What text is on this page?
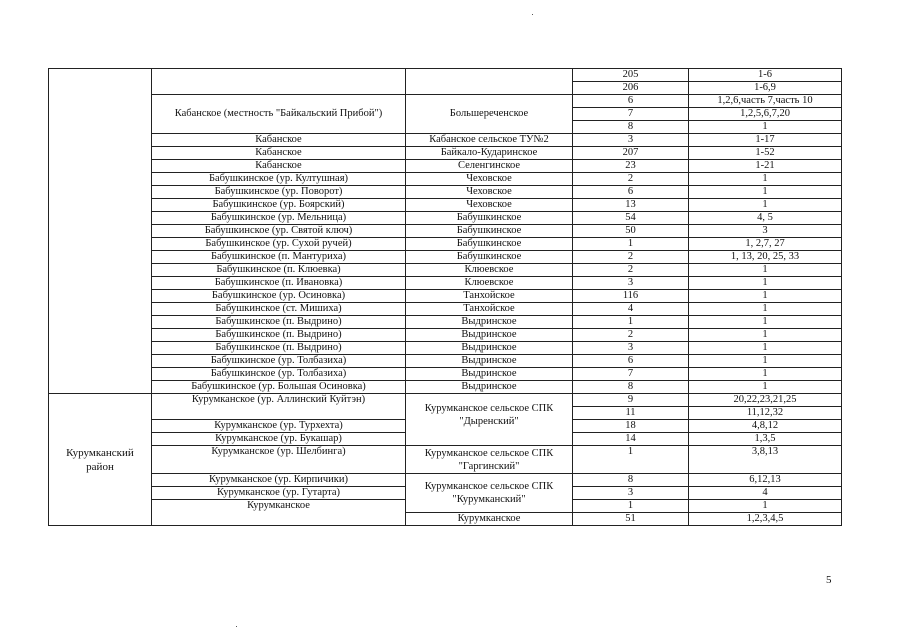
			205	1-6
			206	1-6,9
	Кабанское (местность "Байкальский Прибой")	Большереченское	6	1,2,6,часть 7,часть 10
			7	1,2,5,6,7,20
			8	1
	Кабанское	Кабанское сельское ТУ№2	3	1-17
	Кабанское	Байкало-Кударинское	207	1-52
	Кабанское	Селенгинское	23	1-21
	Бабушкинское (ур. Култушная)	Чеховское	2	1
	Бабушкинское (ур. Поворот)	Чеховское	6	1
	Бабушкинское (ур. Боярский)	Чеховское	13	1
	Бабушкинское (ур. Мельница)	Бабушкинское	54	4, 5
	Бабушкинское (ур. Святой ключ)	Бабушкинское	50	3
	Бабушкинское (ур. Сухой ручей)	Бабушкинское	1	1, 2,7, 27
	Бабушкинское (п. Мантуриха)	Бабушкинское	2	1, 13, 20, 25, 33
	Бабушкинское (п. Клюевка)	Клюевское	2	1
	Бабушкинское (п. Ивановка)	Клюевское	3	1
	Бабушкинское (ур. Осиновка)	Танхойское	116	1
	Бабушкинское (ст. Мишиха)	Танхойское	4	1
	Бабушкинское (п. Выдрино)	Выдринское	1	1
	Бабушкинское (п. Выдрино)	Выдринское	2	1
	Бабушкинское (п. Выдрино)	Выдринское	3	1
	Бабушкинское (ур. Толбазиха)	Выдринское	6	1
	Бабушкинское (ур. Толбазиха)	Выдринское	7	1
	Бабушкинское (ур. Большая Осиновка)	Выдринское	8	1
Курумканский район	Курумканское (ур. Аллинский Куйтэн)	Курумканское сельское СПК "Дыренский"	9	20,22,23,21,25
			11	11,12,32
	Курумканское (ур. Турхехта)		18	4,8,12
	Курумканское (ур. Букашар)		14	1,3,5
	Курумканское (ур. Шелбинга)	Курумканское сельское СПК "Гаргинский"	1	3,8,13
	Курумканское (ур. Кирпичики)	Курумканское сельское СПК "Курумканский"	8	6,12,13
	Курумканское (ур. Гутарта)		3	4
	Курумканское		1	1
		Курумканское	51	1,2,3,4,5
5
